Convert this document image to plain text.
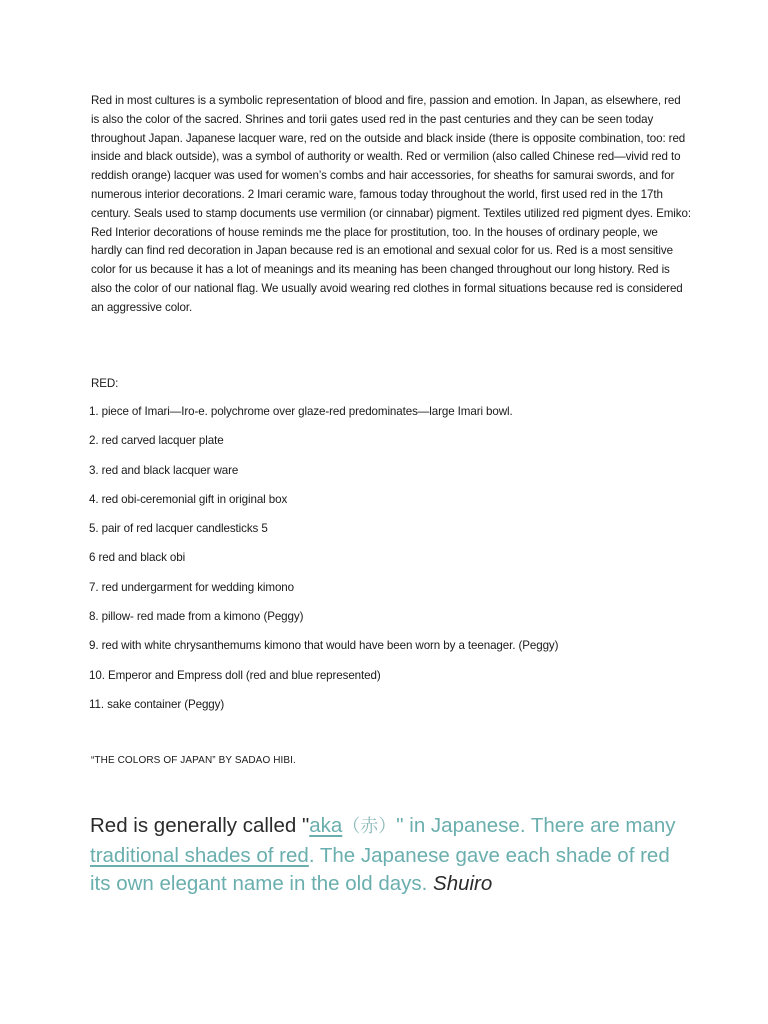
Red in most cultures is a symbolic representation of blood and fire, passion and emotion. In Japan, as elsewhere, red is also the color of the sacred. Shrines and torii gates used red in the past centuries and they can be seen today throughout Japan. Japanese lacquer ware, red on the outside and black inside (there is opposite combination, too: red inside and black outside), was a symbol of authority or wealth. Red or vermilion (also called Chinese red—vivid red to reddish orange) lacquer was used for women’s combs and hair accessories, for sheaths for samurai swords, and for numerous interior decorations. 2 Imari ceramic ware, famous today throughout the world, first used red in the 17th century. Seals used to stamp documents use vermilion (or cinnabar) pigment. Textiles utilized red pigment dyes. Emiko: Red Interior decorations of house reminds me the place for prostitution, too. In the houses of ordinary people, we hardly can find red decoration in Japan because red is an emotional and sexual color for us. Red is a most sensitive color for us because it has a lot of meanings and its meaning has been changed throughout our long history. Red is also the color of our national flag. We usually avoid wearing red clothes in formal situations because red is considered an aggressive color.

RED:

1. piece of Imari—Iro-e. polychrome over glaze-red predominates—large Imari bowl.
2. red carved lacquer plate
3. red and black lacquer ware
4. red obi-ceremonial gift in original box
5. pair of red lacquer candlesticks 5
6 red and black obi
7. red undergarment for wedding kimono
8. pillow- red made from a kimono (Peggy)
9. red with white chrysanthemums kimono that would have been worn by a teenager. (Peggy)
10. Emperor and Empress doll (red and blue represented)
11. sake container (Peggy)

“THE COLORS OF JAPAN” BY SADAO HIBI.

Red is generally called "aka（赤）" in Japanese. There are many traditional shades of red. The Japanese gave each shade of red its own elegant name in the old days. Shuiro
